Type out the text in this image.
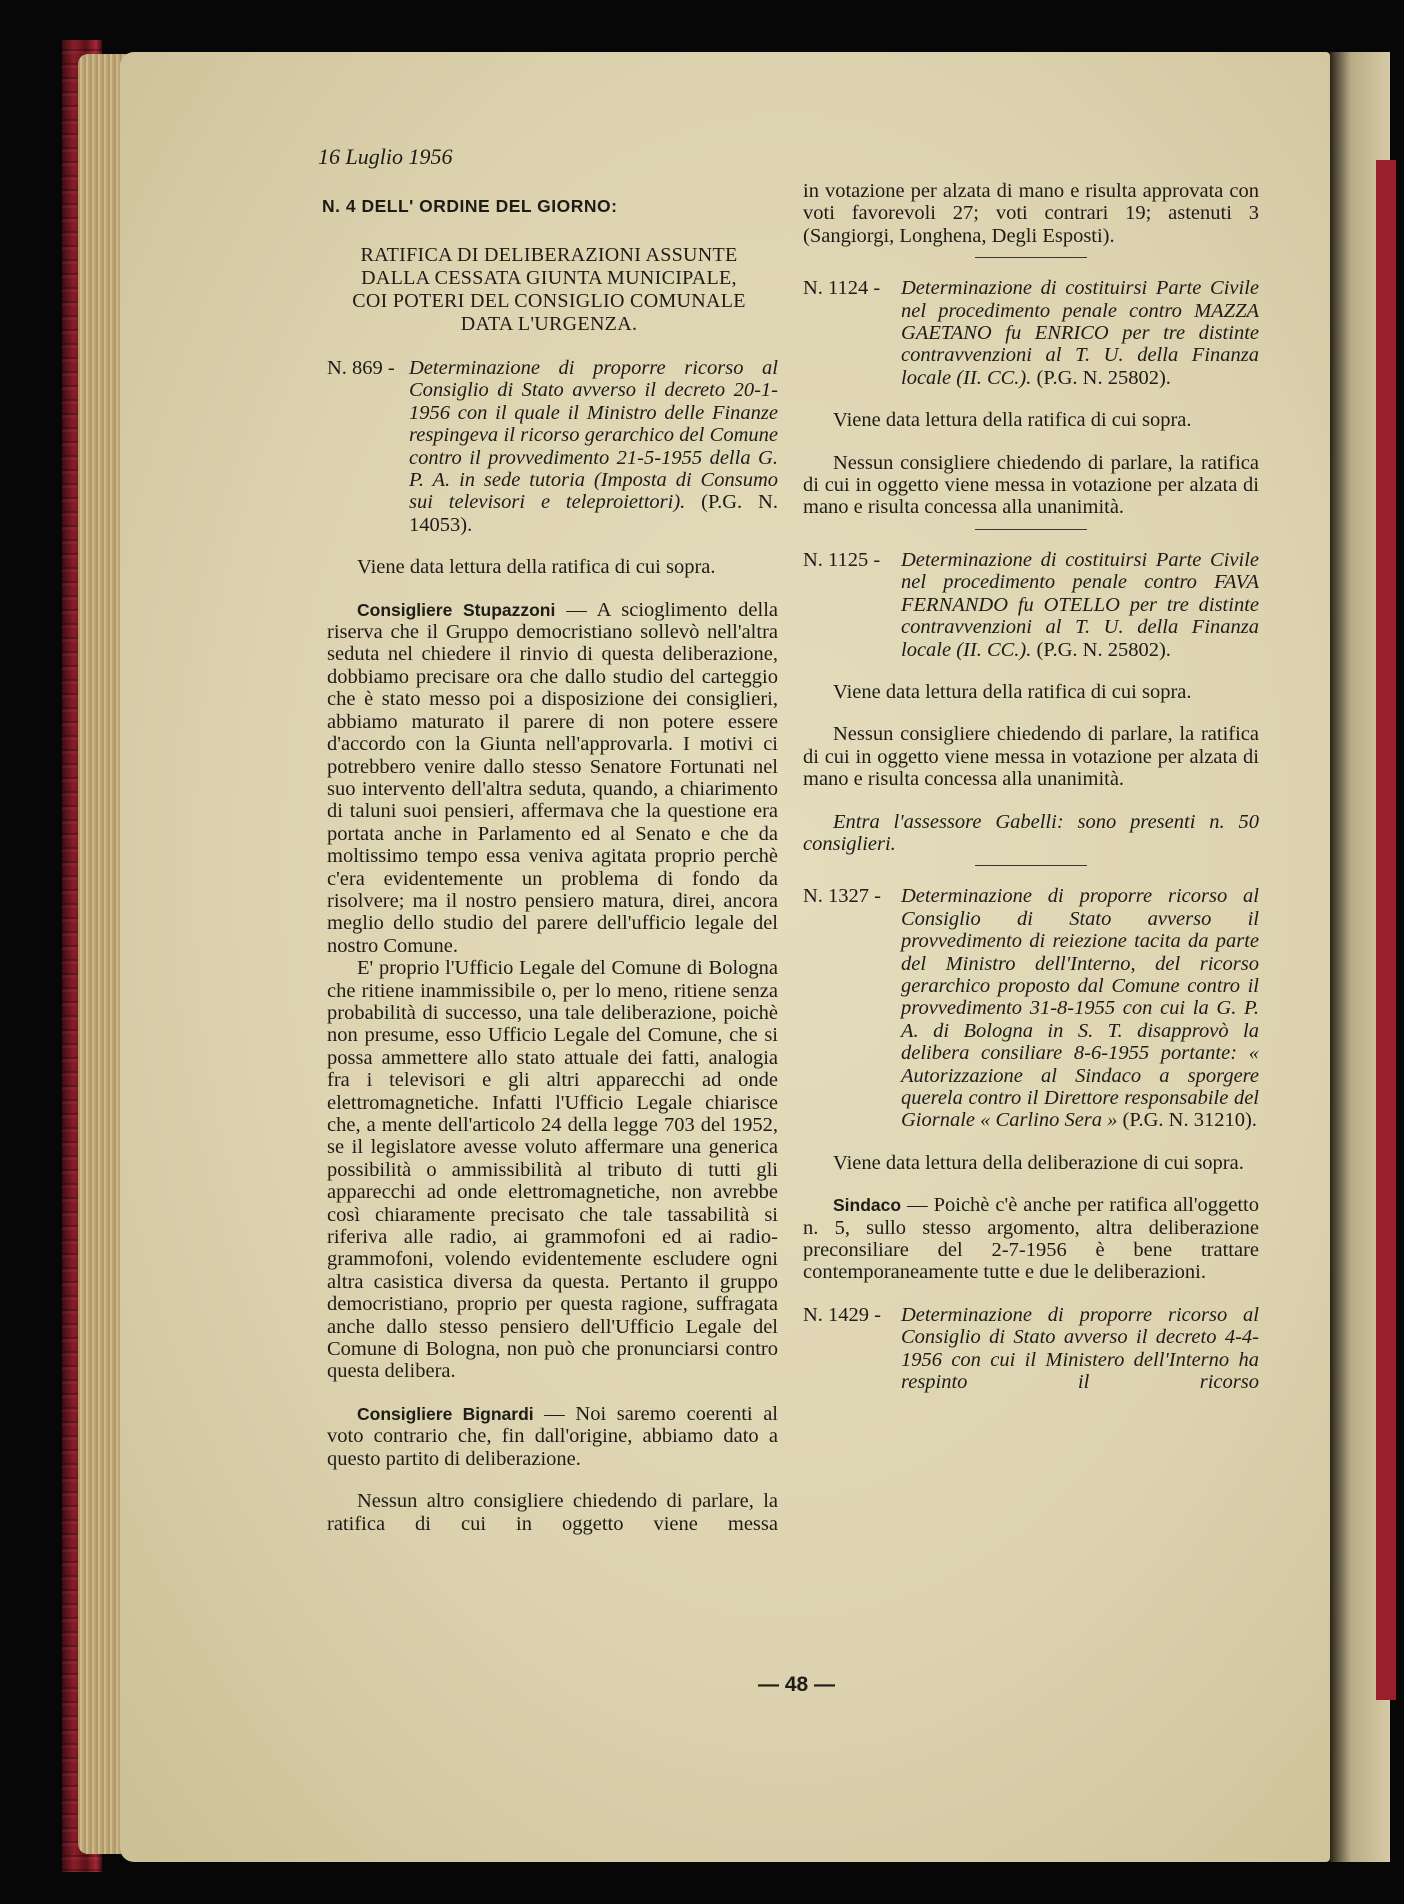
16 Luglio 1956
N. 4 DELL' ORDINE DEL GIORNO:
RATIFICA DI DELIBERAZIONI ASSUNTE
DALLA CESSATA GIUNTA MUNICIPALE,
COI POTERI DEL CONSIGLIO COMUNALE
DATA L'URGENZA.
N. 869 - Determinazione di proporre ricorso al Consiglio di Stato avverso il decreto 20-1-1956 con il quale il Ministro delle Finanze respingeva il ricorso gerarchico del Comune contro il provvedimento 21-5-1955 della G. P. A. in sede tutoria (Imposta di Consumo sui televisori e teleproiettori). (P.G. N. 14053).

Viene data lettura della ratifica di cui sopra.

Consigliere Stupazzoni — A scioglimento della riserva che il Gruppo democristiano sollevò nell'altra seduta nel chiedere il rinvio di questa deliberazione, dobbiamo precisare ora che dallo studio del carteggio che è stato messo poi a disposizione dei consiglieri, abbiamo maturato il parere di non potere essere d'accordo con la Giunta nell'approvarla. I motivi ci potrebbero venire dallo stesso Senatore Fortunati nel suo intervento dell'altra seduta, quando, a chiarimento di taluni suoi pensieri, affermava che la questione era portata anche in Parlamento ed al Senato e che da moltissimo tempo essa veniva agitata proprio perchè c'era evidentemente un problema di fondo da risolvere; ma il nostro pensiero matura, direi, ancora meglio dello studio del parere dell'ufficio legale del nostro Comune.

E' proprio l'Ufficio Legale del Comune di Bologna che ritiene inammissibile o, per lo meno, ritiene senza probabilità di successo, una tale deliberazione, poichè non presume, esso Ufficio Legale del Comune, che si possa ammettere allo stato attuale dei fatti, analogia fra i televisori e gli altri apparecchi ad onde elettromagnetiche. Infatti l'Ufficio Legale chiarisce che, a mente dell'articolo 24 della legge 703 del 1952, se il legislatore avesse voluto affermare una generica possibilità o ammissibilità al tributo di tutti gli apparecchi ad onde elettromagnetiche, non avrebbe così chiaramente precisato che tale tassabilità si riferiva alle radio, ai grammofoni ed ai radio-grammofoni, volendo evidentemente escludere ogni altra casistica diversa da questa. Pertanto il gruppo democristiano, proprio per questa ragione, suffragata anche dallo stesso pensiero dell'Ufficio Legale del Comune di Bologna, non può che pronunciarsi contro questa delibera.

Consigliere Bignardi — Noi saremo coerenti al voto contrario che, fin dall'origine, abbiamo dato a questo partito di deliberazione.

Nessun altro consigliere chiedendo di parlare, la ratifica di cui in oggetto viene messa

in votazione per alzata di mano e risulta approvata con voti favorevoli 27; voti contrari 19; astenuti 3 (Sangiorgi, Longhena, Degli Esposti).

N. 1124 -	Determinazione di costituirsi Parte Civile nel procedimento penale contro MAZZA GAETANO fu ENRICO per tre distinte contravvenzioni al T. U. della Finanza locale (II. CC.). (P.G. N. 25802).

Viene data lettura della ratifica di cui sopra.

Nessun consigliere chiedendo di parlare, la ratifica di cui in oggetto viene messa in votazione per alzata di mano e risulta concessa alla unanimità.

N. 1125 -	Determinazione di costituirsi Parte Civile nel procedimento penale contro FAVA FERNANDO fu OTELLO per tre distinte contravvenzioni al T. U. della Finanza locale (II. CC.). (P.G. N. 25802).

Viene data lettura della ratifica di cui sopra.

Nessun consigliere chiedendo di parlare, la ratifica di cui in oggetto viene messa in votazione per alzata di mano e risulta concessa alla unanimità.

Entra l'assessore Gabelli: sono presenti n. 50 consiglieri.

N. 1327 - Determinazione di proporre ricorso al Consiglio di Stato avverso il provvedimento di reiezione tacita da parte del Ministro dell'Interno, del ricorso gerarchico proposto dal Comune contro il provvedimento 31-8-1955 con cui la G. P. A. di Bologna in S. T. disapprovò la delibera consiliare 8-6-1955 portante: « Autorizzazione al Sindaco a sporgere querela contro il Direttore responsabile del Giornale « Carlino Sera » (P.G. N. 31210).

Viene data lettura della deliberazione di cui sopra.

Sindaco — Poichè c'è anche per ratifica all'oggetto n. 5, sullo stesso argomento, altra deliberazione preconsiliare del 2-7-1956 è bene trattare contemporaneamente tutte e due le deliberazioni.

N. 1429 - Determinazione di proporre ricorso al Consiglio di Stato avverso il decreto 4-4-1956 con cui il Ministero dell'Interno ha respinto il ricorso
— 48 —
